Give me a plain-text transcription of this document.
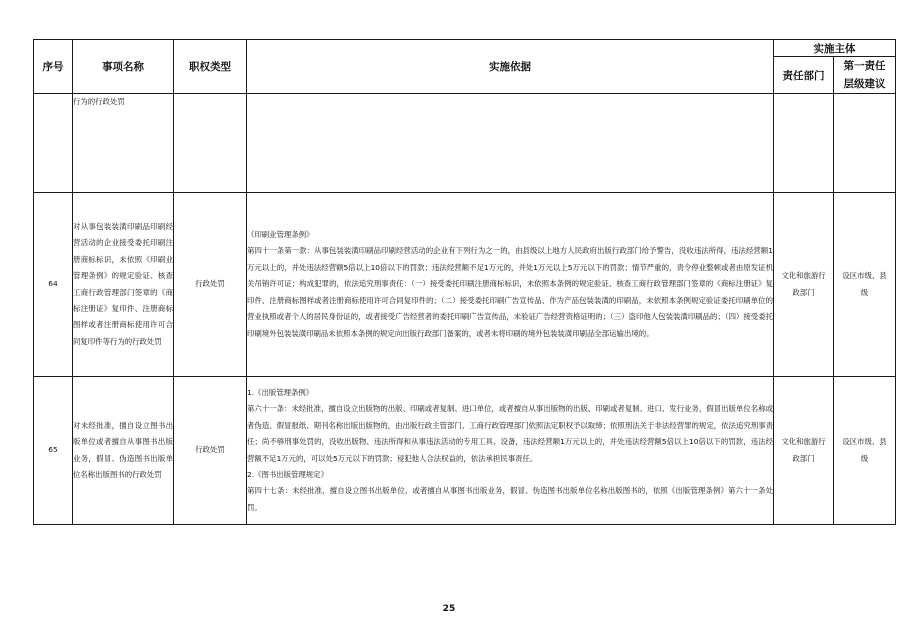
序号	事项名称	职权类型	实施依据	实施主体	
				责任部门	第一责任层级建议
	行为的行政处罚				
64	对从事包装装潢印刷品印刷经营活动的企业接受委托印刷注册商标标识，未依照《印刷业管理条例》的规定验证、核查工商行政管理部门签章的《商标注册证》复印件、注册商标图样或者注册商标使用许可合同复印件等行为的行政处罚	行政处罚	《印刷业管理条例》
第四十一条第一款：从事包装装潢印刷品印刷经营活动的企业有下列行为之一的，由县级以上地方人民政府出版行政部门给予警告，没收违法所得，违法经营额1万元以上的，并处违法经营额5倍以上10倍以下的罚款；违法经营额不足1万元的，并处1万元以上5万元以下的罚款；情节严重的，责令停业整顿或者由原发证机关吊销许可证；构成犯罪的，依法追究刑事责任：（一）接受委托印刷注册商标标识，未依照本条例的规定验证、核查工商行政管理部门签章的《商标注册证》复印件、注册商标图样或者注册商标使用许可合同复印件的；（二）接受委托印刷广告宣传品、作为产品包装装潢的印刷品，未依照本条例规定验证委托印刷单位的营业执照或者个人的居民身份证的，或者接受广告经营者的委托印刷广告宣传品，未验证广告经营资格证明的；（三）盗印他人包装装潢印刷品的；（四）接受委托印刷境外包装装潢印刷品未依照本条例的规定向出版行政部门备案的，或者未将印刷的境外包装装潢印刷品全部运输出境的。	文化和旅游行政部门	设区市级、县级
65	对未经批准，擅自设立图书出版单位或者擅自从事图书出版业务，假冒、伪造图书出版单位名称出版图书的行政处罚	行政处罚	1.《出版管理条例》
第六十一条：未经批准，擅自设立出版物的出版、印刷或者复制、进口单位，或者擅自从事出版物的出版、印刷或者复制、进口、发行业务，假冒出版单位名称或者伪造、假冒报纸、期刊名称出版出版物的，由出版行政主管部门、工商行政管理部门依照法定职权予以取缔；依照刑法关于非法经营罪的规定，依法追究刑事责任；尚不够刑事处罚的，没收出版物、违法所得和从事违法活动的专用工具、设备，违法经营额1万元以上的，并处违法经营额5倍以上10倍以下的罚款，违法经营额不足1万元的，可以处5万元以下的罚款；侵犯他人合法权益的，依法承担民事责任。
2.《图书出版管理规定》
第四十七条：未经批准，擅自设立图书出版单位，或者擅自从事图书出版业务，假冒、伪造图书出版单位名称出版图书的，依照《出版管理条例》第六十一条处罚。	文化和旅游行政部门	设区市级、县级
25
